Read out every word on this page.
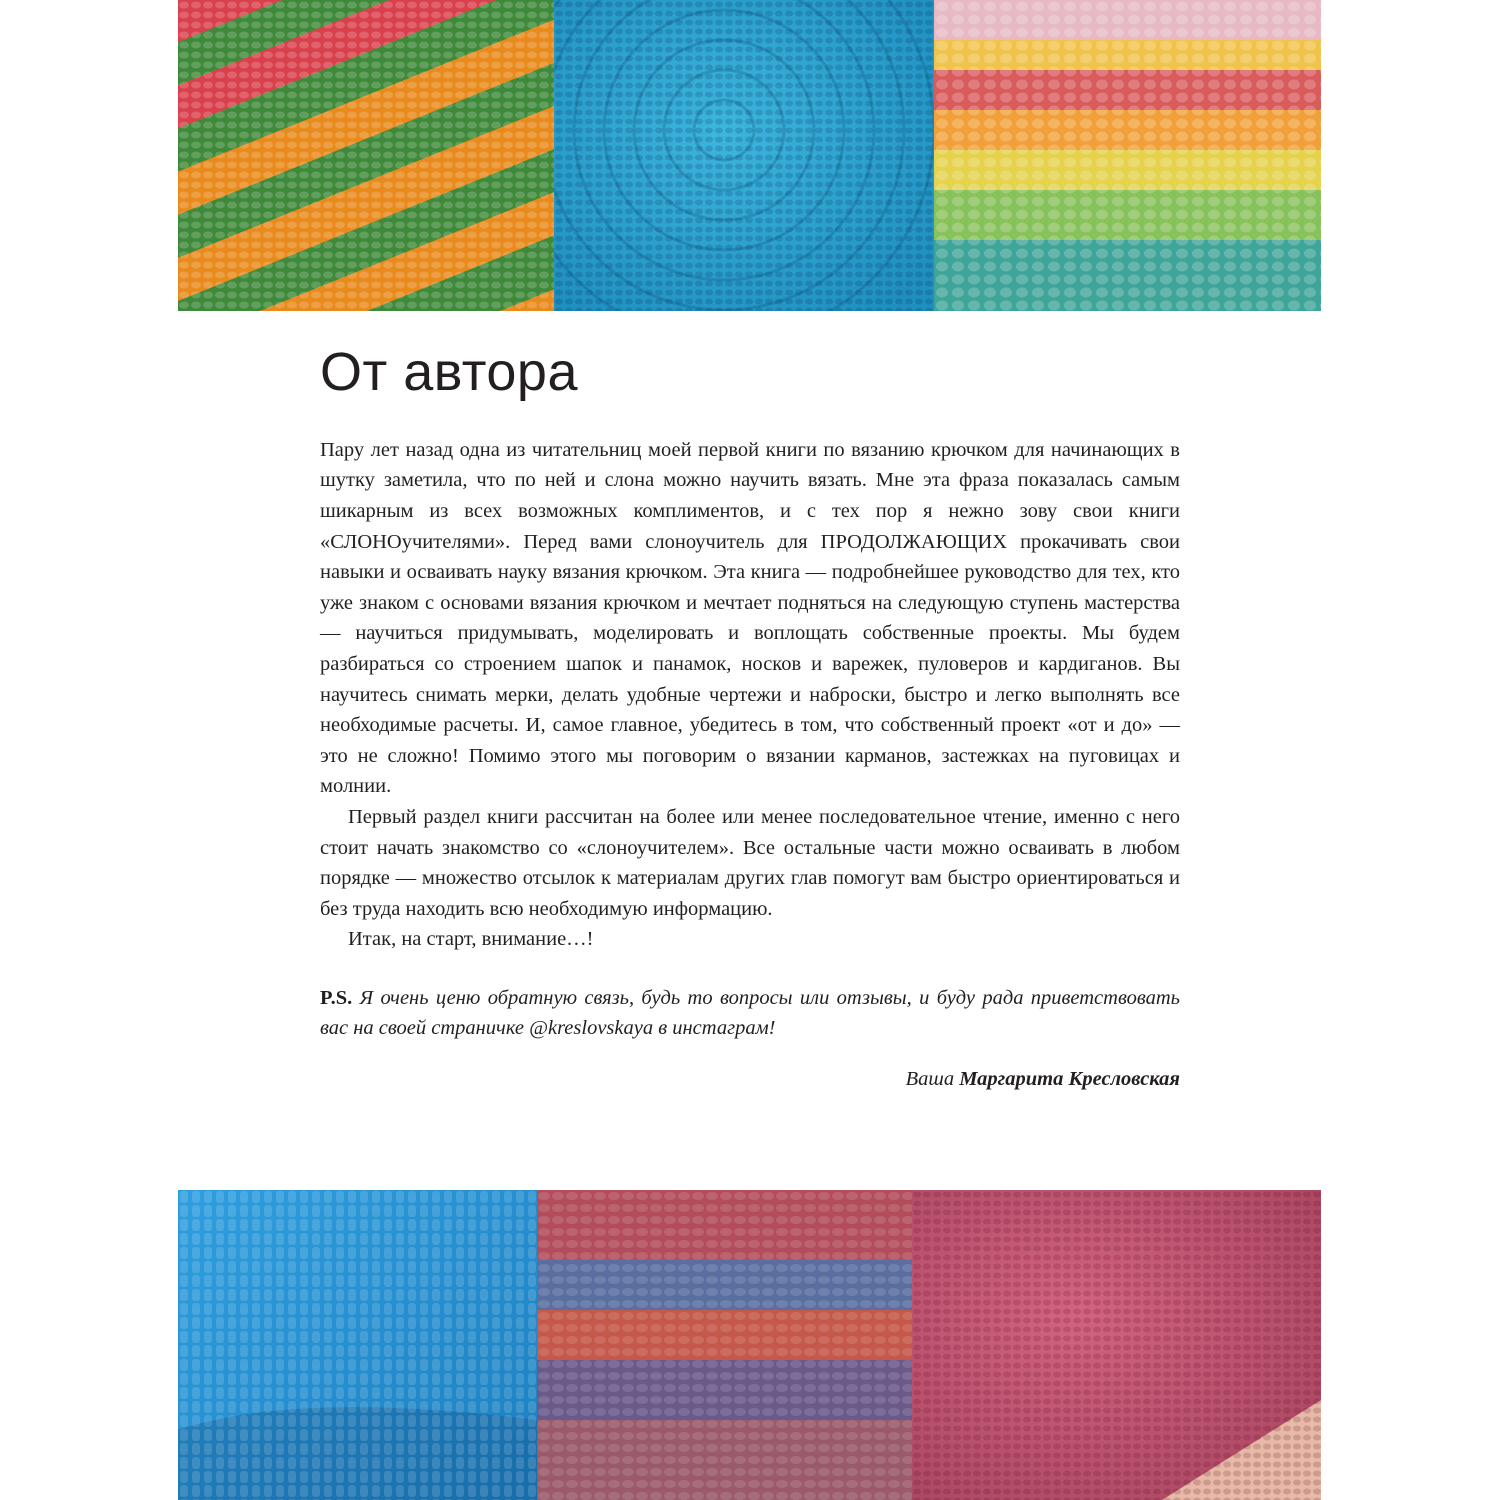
От автора

Пару лет назад одна из читательниц моей первой книги по вязанию крючком для начинающих в шутку заметила, что по ней и слона можно научить вязать. Мне эта фраза показалась самым шикарным из всех возможных комплиментов, и с тех пор я нежно зову свои книги «СЛОНОучителями». Перед вами слоноучитель для ПРОДОЛЖАЮЩИХ прокачивать свои навыки и осваивать науку вязания крючком. Эта книга — подробнейшее руководство для тех, кто уже знаком с основами вязания крючком и мечтает подняться на следующую ступень мастерства — научиться придумывать, моделировать и воплощать собственные проекты. Мы будем разбираться со строением шапок и панамок, носков и варежек, пуловеров и кардиганов. Вы научитесь снимать мерки, делать удобные чертежи и наброски, быстро и легко выполнять все необходимые расчеты. И, самое главное, убедитесь в том, что собственный проект «от и до» — это не сложно! Помимо этого мы поговорим о вязании карманов, застежках на пуговицах и молнии.

Первый раздел книги рассчитан на более или менее последовательное чтение, именно с него стоит начать знакомство со «слоноучителем». Все остальные части можно осваивать в любом порядке — множество отсылок к материалам других глав помогут вам быстро ориентироваться и без труда находить всю необходимую информацию.

Итак, на старт, внимание…!

P.S. Я очень ценю обратную связь, будь то вопросы или отзывы, и буду рада приветствовать вас на своей страничке @kreslovskaya в инстаграм!

Ваша Маргарита Кресловская
